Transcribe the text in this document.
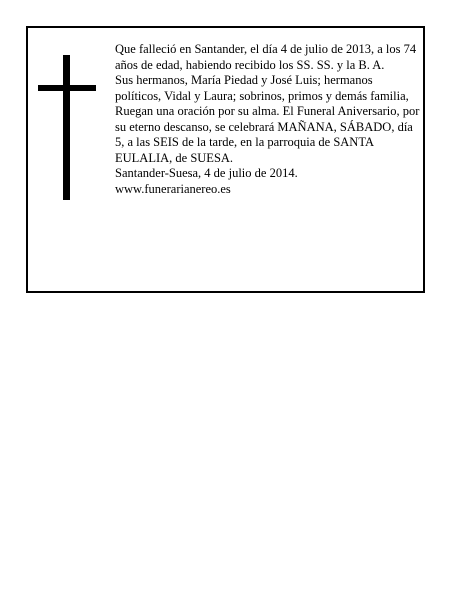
Que falleció en Santander, el día 4 de julio de 2013, a los 74 años de edad, habiendo recibido los SS. SS. y la B. A.

Sus hermanos, María Piedad y José Luis; hermanos políticos, Vidal y Laura; sobrinos, primos y demás familia,

Ruegan una oración por su alma. El Funeral Aniversario, por su eterno descanso, se celebrará MAÑANA, SÁBADO, día 5, a las SEIS de la tarde, en la parroquia de SANTA EULALIA, de SUESA.

Santander-Suesa, 4 de julio de 2014.

www.funerarianereo.es
